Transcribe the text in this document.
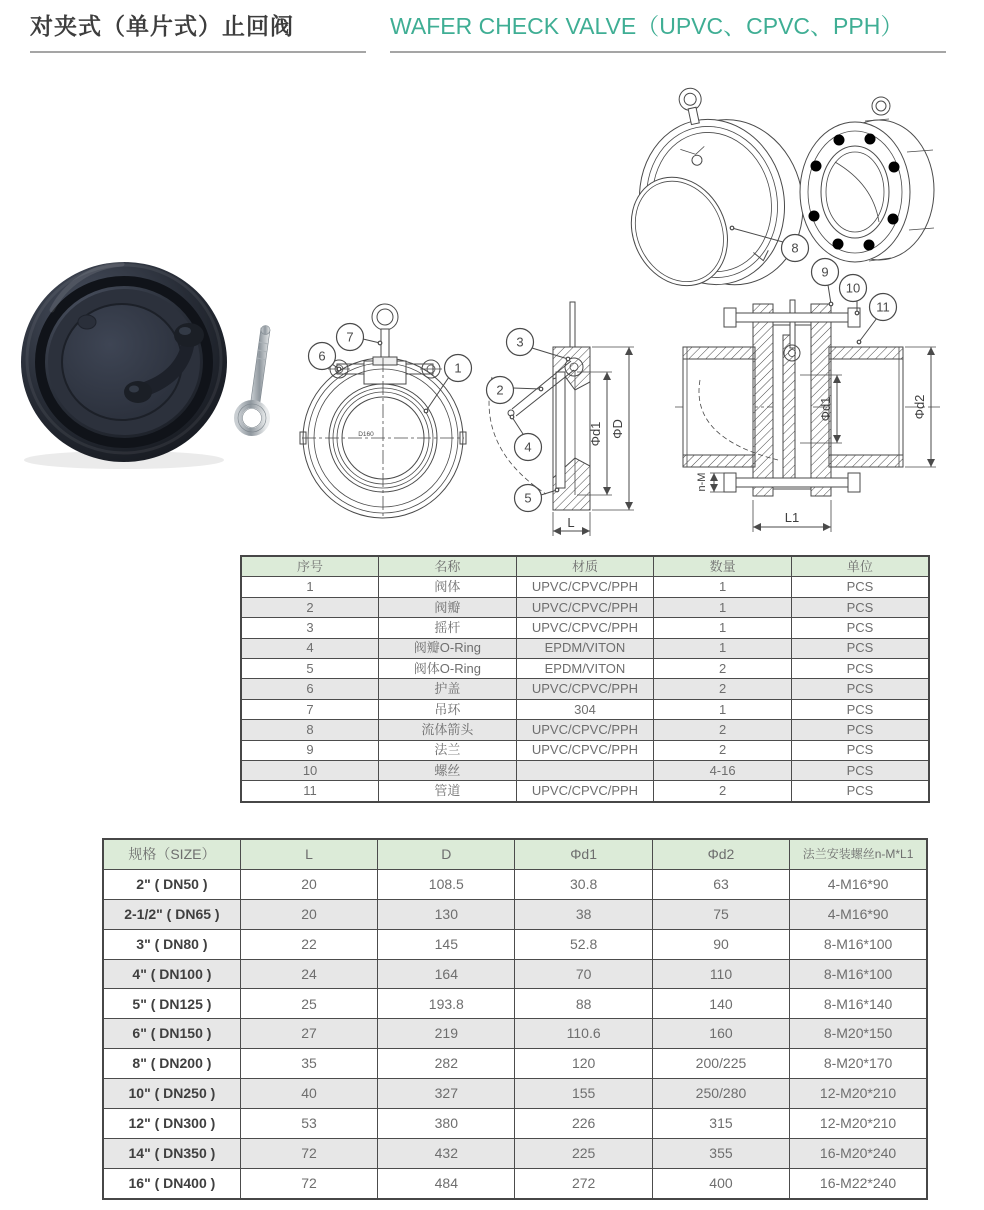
对夹式（单片式）止回阀	WAFER CHECK VALVE（UPVC、CPVC、PPH）
D160
7
6
1
Φd1 ΦD
L
3
2
4
5
8
Φd1	Φd2
L1
n-M
9
10
11
序号	名称	材质	数量	单位
1	阀体	UPVC/CPVC/PPH	1	PCS
2	阀瓣	UPVC/CPVC/PPH	1	PCS
3	摇杆	UPVC/CPVC/PPH	1	PCS
4	阀瓣O-Ring	EPDM/VITON	1	PCS
5	阀体O-Ring	EPDM/VITON	2	PCS
6	护盖	UPVC/CPVC/PPH	2	PCS
7	吊环	304	1	PCS
8	流体箭头	UPVC/CPVC/PPH	2	PCS
9	法兰	UPVC/CPVC/PPH	2	PCS
10	螺丝		4-16	PCS
11	管道	UPVC/CPVC/PPH	2	PCS
规格（SIZE）	L	D	Φd1	Φd2	法兰安装螺丝n-M*L1
2" ( DN50 )	20	108.5	30.8	63	4-M16*90
2-1/2" ( DN65 )	20	130	38	75	4-M16*90
3" ( DN80 )	22	145	52.8	90	8-M16*100
4" ( DN100 )	24	164	70	110	8-M16*100
5" ( DN125 )	25	193.8	88	140	8-M16*140
6" ( DN150 )	27	219	110.6	160	8-M20*150
8" ( DN200 )	35	282	120	200/225	8-M20*170
10" ( DN250 )	40	327	155	250/280	12-M20*210
12" ( DN300 )	53	380	226	315	12-M20*210
14" ( DN350 )	72	432	225	355	16-M20*240
16" ( DN400 )	72	484	272	400	16-M22*240
